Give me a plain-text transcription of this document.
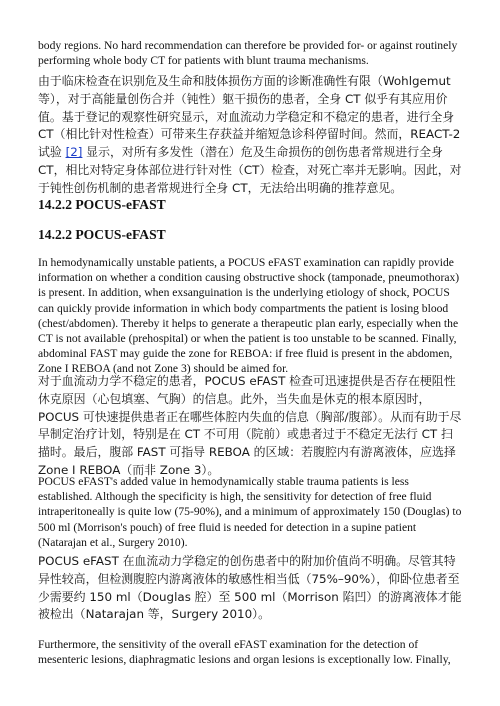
body regions. No hard recommendation can therefore be provided for- or against routinely performing whole body CT for patients with blunt trauma mechanisms.

由于临床检查在识别危及生命和肢体损伤方面的诊断准确性有限（Wohlgemut 等），对于高能量创伤合并（钝性）躯干损伤的患者，全身 CT 似乎有其应用价值。基于登记的观察性研究显示，对血流动力学稳定和不稳定的患者，进行全身 CT（相比针对性检查）可带来生存获益并缩短急诊科停留时间。然而，REACT-2 试验 [2] 显示，对所有多发性（潜在）危及生命损伤的创伤患者常规进行全身 CT，相比对特定身体部位进行针对性（CT）检查，对死亡率并无影响。因此，对于钝性创伤机制的患者常规进行全身 CT，无法给出明确的推荐意见。

14.2.2 POCUS-eFAST
14.2.2 POCUS-eFAST

In hemodynamically unstable patients, a POCUS eFAST examination can rapidly provide information on whether a condition causing obstructive shock (tamponade, pneumothorax) is present. In addition, when exsanguination is the underlying etiology of shock, POCUS can quickly provide information in which body compartments the patient is losing blood (chest/abdomen). Thereby it helps to generate a therapeutic plan early, especially when the CT is not available (prehospital) or when the patient is too unstable to be scanned. Finally, abdominal FAST may guide the zone for REBOA: if free fluid is present in the abdomen, Zone I REBOA (and not Zone 3) should be aimed for.

对于血流动力学不稳定的患者，POCUS eFAST 检查可迅速提供是否存在梗阻性休克原因（心包填塞、气胸）的信息。此外，当失血是休克的根本原因时，POCUS 可快速提供患者正在哪些体腔内失血的信息（胸部/腹部）。从而有助于尽早制定治疗计划，特别是在 CT 不可用（院前）或患者过于不稳定无法行 CT 扫描时。最后，腹部 FAST 可指导 REBOA 的区域：若腹腔内有游离液体，应选择 Zone I REBOA（而非 Zone 3）。

POCUS eFAST's added value in hemodynamically stable trauma patients is less established. Although the specificity is high, the sensitivity for detection of free fluid intraperitoneally is quite low (75-90%), and a minimum of approximately 150 (Douglas) to 500 ml (Morrison's pouch) of free fluid is needed for detection in a supine patient (Natarajan et al., Surgery 2010).

POCUS eFAST 在血流动力学稳定的创伤患者中的附加价值尚不明确。尽管其特异性较高，但检测腹腔内游离液体的敏感性相当低（75%–90%），仰卧位患者至少需要约 150 ml（Douglas 腔）至 500 ml（Morrison 陷凹）的游离液体才能被检出（Natarajan 等，Surgery 2010）。

Furthermore, the sensitivity of the overall eFAST examination for the detection of mesenteric lesions, diaphragmatic lesions and organ lesions is exceptionally low. Finally,
